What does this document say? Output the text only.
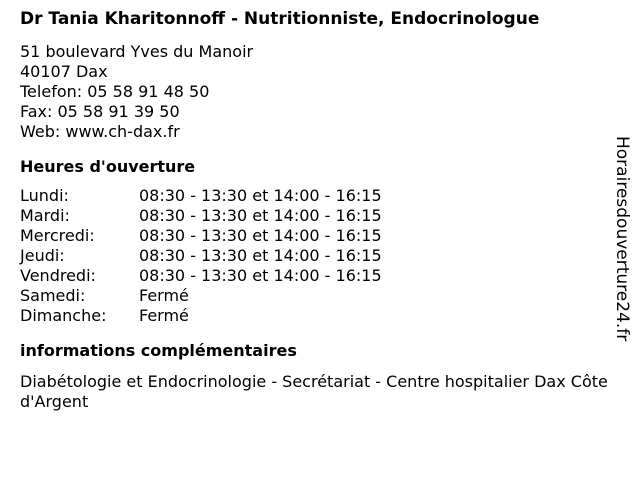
Dr Tania Kharitonnoff - Nutritionniste, Endocrinologue
51 boulevard Yves du Manoir
40107 Dax
Telefon: 05 58 91 48 50
Fax: 05 58 91 39 50
Web: www.ch-dax.fr
Heures d'ouverture
Lundi:	08:30 - 13:30 et 14:00 - 16:15
Mardi:	08:30 - 13:30 et 14:00 - 16:15
Mercredi:	08:30 - 13:30 et 14:00 - 16:15
Jeudi:	08:30 - 13:30 et 14:00 - 16:15
Vendredi:	08:30 - 13:30 et 14:00 - 16:15
Samedi:	Fermé
Dimanche:	Fermé
informations complémentaires
Diabétologie et Endocrinologie - Secrétariat - Centre hospitalier Dax Côte d'Argent
Horairesdouverture24.fr
